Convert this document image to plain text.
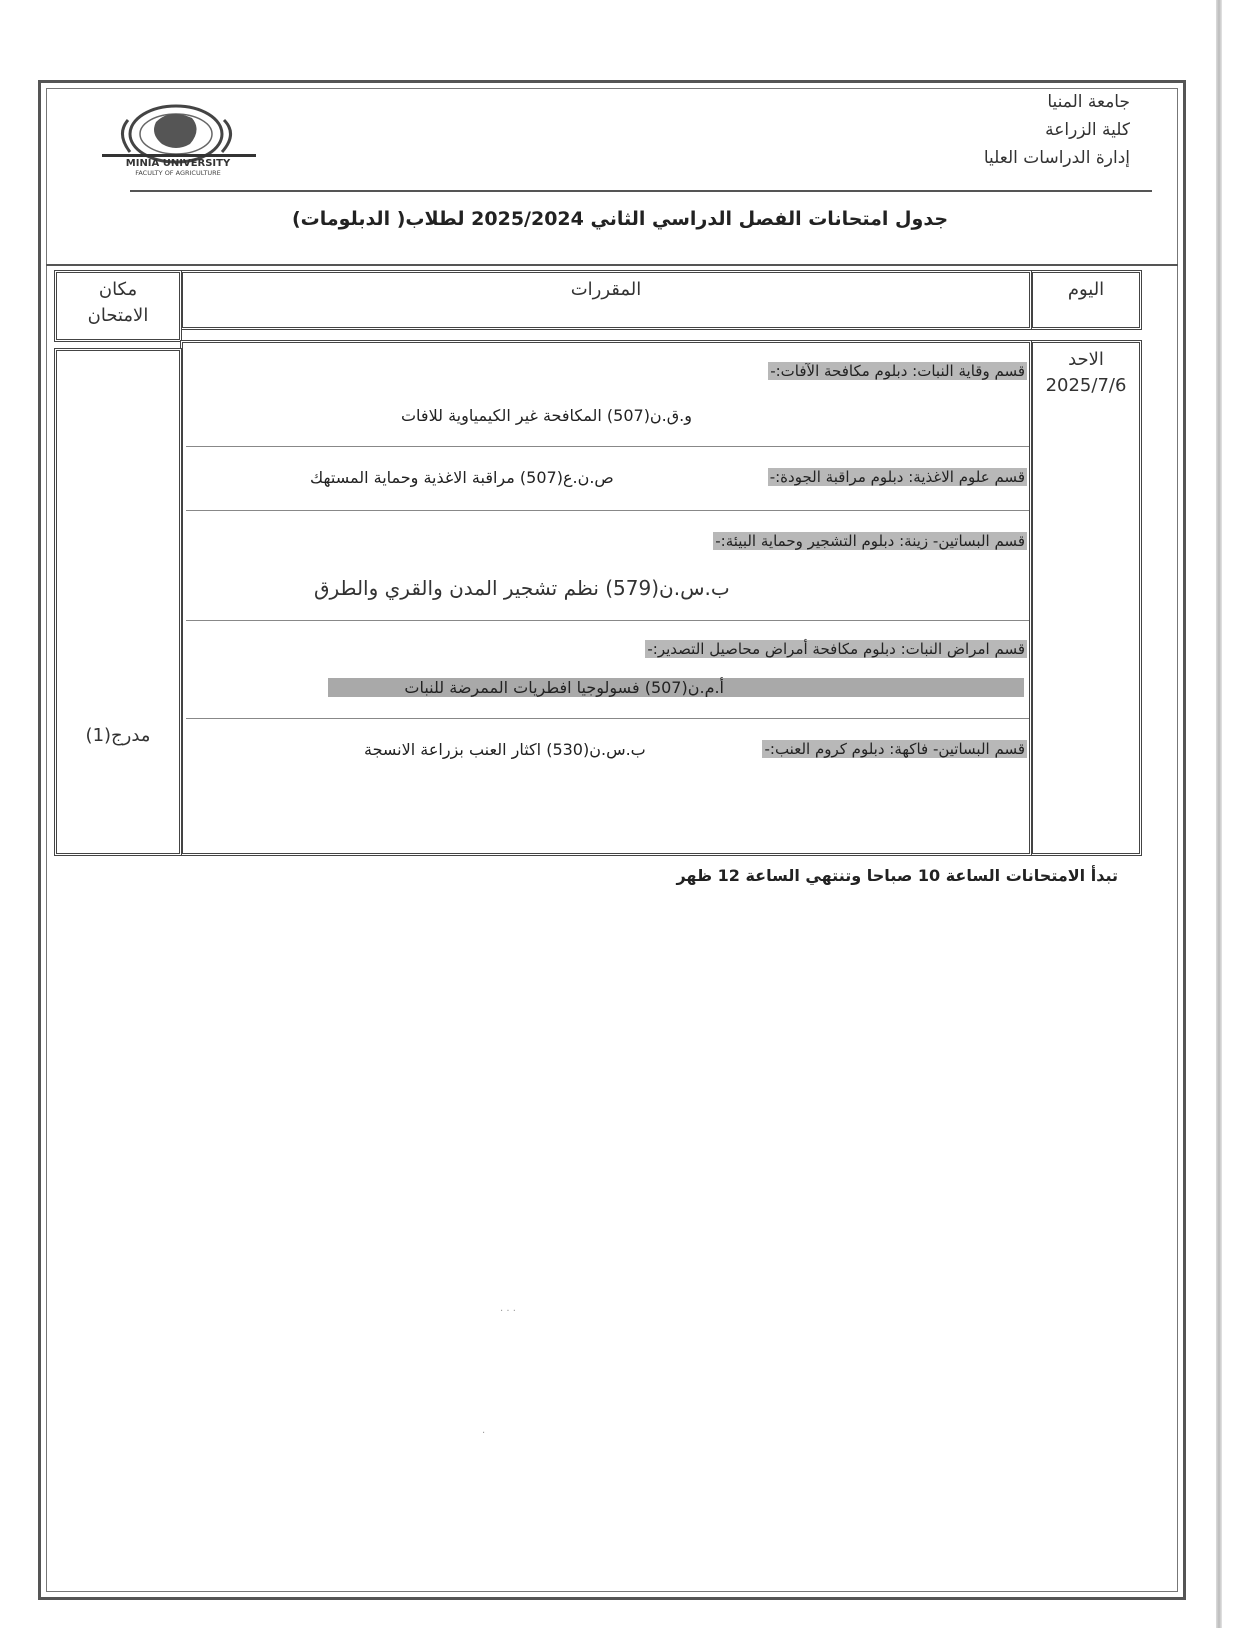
جامعة المنيا
كلية الزراعة
إدارة الدراسات العليا
MINIA UNIVERSITY
FACULTY OF AGRICULTURE
جدول امتحانات الفصل الدراسي الثاني 2025/2024 لطلاب( الدبلومات)
اليوم
المقررات
مكان
الامتحان
الاحد
2025/7/6
مدرج(1)
قسم وقاية النبات: دبلوم مكافحة الآفات:-
و.ق.ن(507) المكافحة غير الكيمياوية للافات
قسم علوم الاغذية: دبلوم مراقبة الجودة:-
ص.ن.ع(507) مراقبة الاغذية وحماية المستهك
قسم البساتين- زينة: دبلوم التشجير وحماية البيئة:-
ب.س.ن(579) نظم تشجير المدن والقري والطرق
قسم امراض النبات: دبلوم مكافحة أمراض محاصيل التصدير:-
أ.م.ن(507) فسولوجيا افطريات الممرضة للنبات
قسم البساتين- فاكهة: دبلوم كروم العنب:-
ب.س.ن(530) اكثار العنب بزراعة الانسجة
تبدأ الامتحانات الساعة 10 صباحا وتنتهي الساعة 12 ظهر
· · ·
·
